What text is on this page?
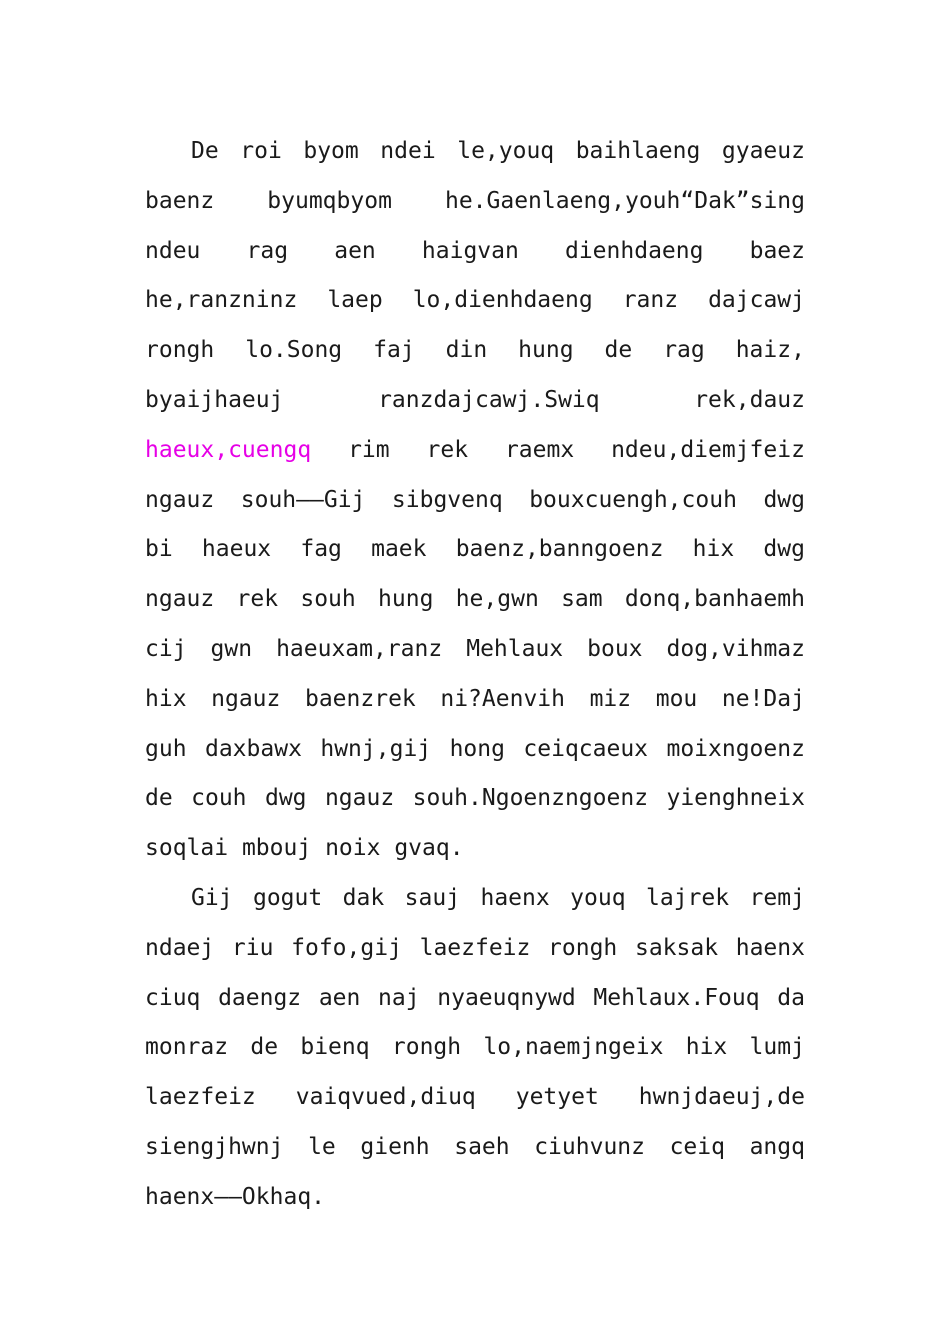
De roi byom ndei le,youq baihlaeng gyaeuz
baenz byumqbyom he.Gaenlaeng,youh“Dak”sing
ndeu rag aen haigvan dienhdaeng baez
he,ranzninz laep lo,dienhdaeng ranz dajcawj
rongh lo.Song faj din hung de rag haiz,
byaijhaeuj	ranzdajcawj.Swiq	rek,dauz
haeux,cuengq rim rek raemx ndeu,diemjfeiz
ngauz souh——Gij sibgvenq bouxcuengh,couh dwg
bi haeux fag maek baenz,banngoenz hix dwg
ngauz rek souh hung he,gwn sam donq,banhaemh
cij gwn haeuxam,ranz Mehlaux boux dog,vihmaz
hix ngauz baenzrek ni?Aenvih miz mou ne!Daj
guh daxbawx hwnj,gij hong ceiqcaeux moixngoenz
de couh dwg ngauz souh.Ngoenzngoenz yienghneix
soqlai
mbouj
noix
gvaq.
Gij gogut dak sauj haenx youq lajrek remj
ndaej riu fofo,gij laezfeiz rongh saksak haenx
ciuq daengz aen naj nyaeuqnywd Mehlaux.Fouq da
monraz de bienq rongh lo,naemjngeix hix lumj
laezfeiz vaiqvued,diuq yetyet hwnjdaeuj,de
siengjhwnj le gienh saeh ciuhvunz ceiq angq
haenx——Okhaq.
